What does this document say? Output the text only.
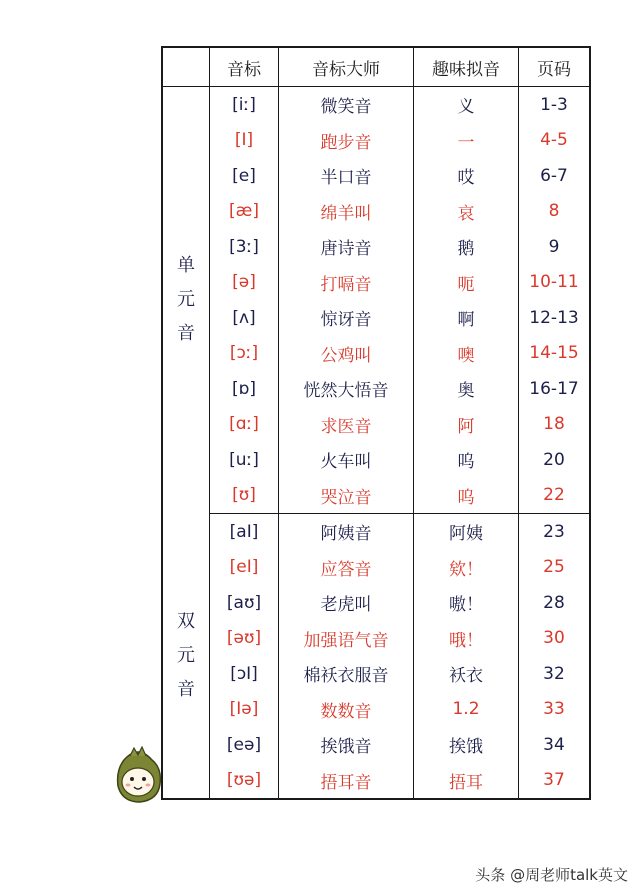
	音标	音标大师	趣味拟音	页码

单
元
音	[iː]	微笑音	义	1-3
	[I]	跑步音	一	4-5
	[e]	半口音	哎	6-7
	[æ]	绵羊叫	哀	8
	[3ː]	唐诗音	鹅	9
	[ə]	打嗝音	呃	10-11
	[ʌ]	惊讶音	啊	12-13
	[ɔː]	公鸡叫	噢	14-15
	[ɒ]	恍然大悟音	奥	16-17
	[ɑː]	求医音	阿	18
	[uː]	火车叫	呜	20
	[ʊ]	哭泣音	呜	22

双
元
音	[aI]	阿姨音	阿姨	23
	[eI]	应答音	欸！	25
	[aʊ]	老虎叫	嗷！	28
	[əʊ]	加强语气音	哦！	30
	[ɔI]	棉袄衣服音	袄衣	32
	[Iə]	数数音	1.2	33
	[eə]	挨饿音	挨饿	34
	[ʊə]	捂耳音	捂耳	37
头条 @周老师talk英文
